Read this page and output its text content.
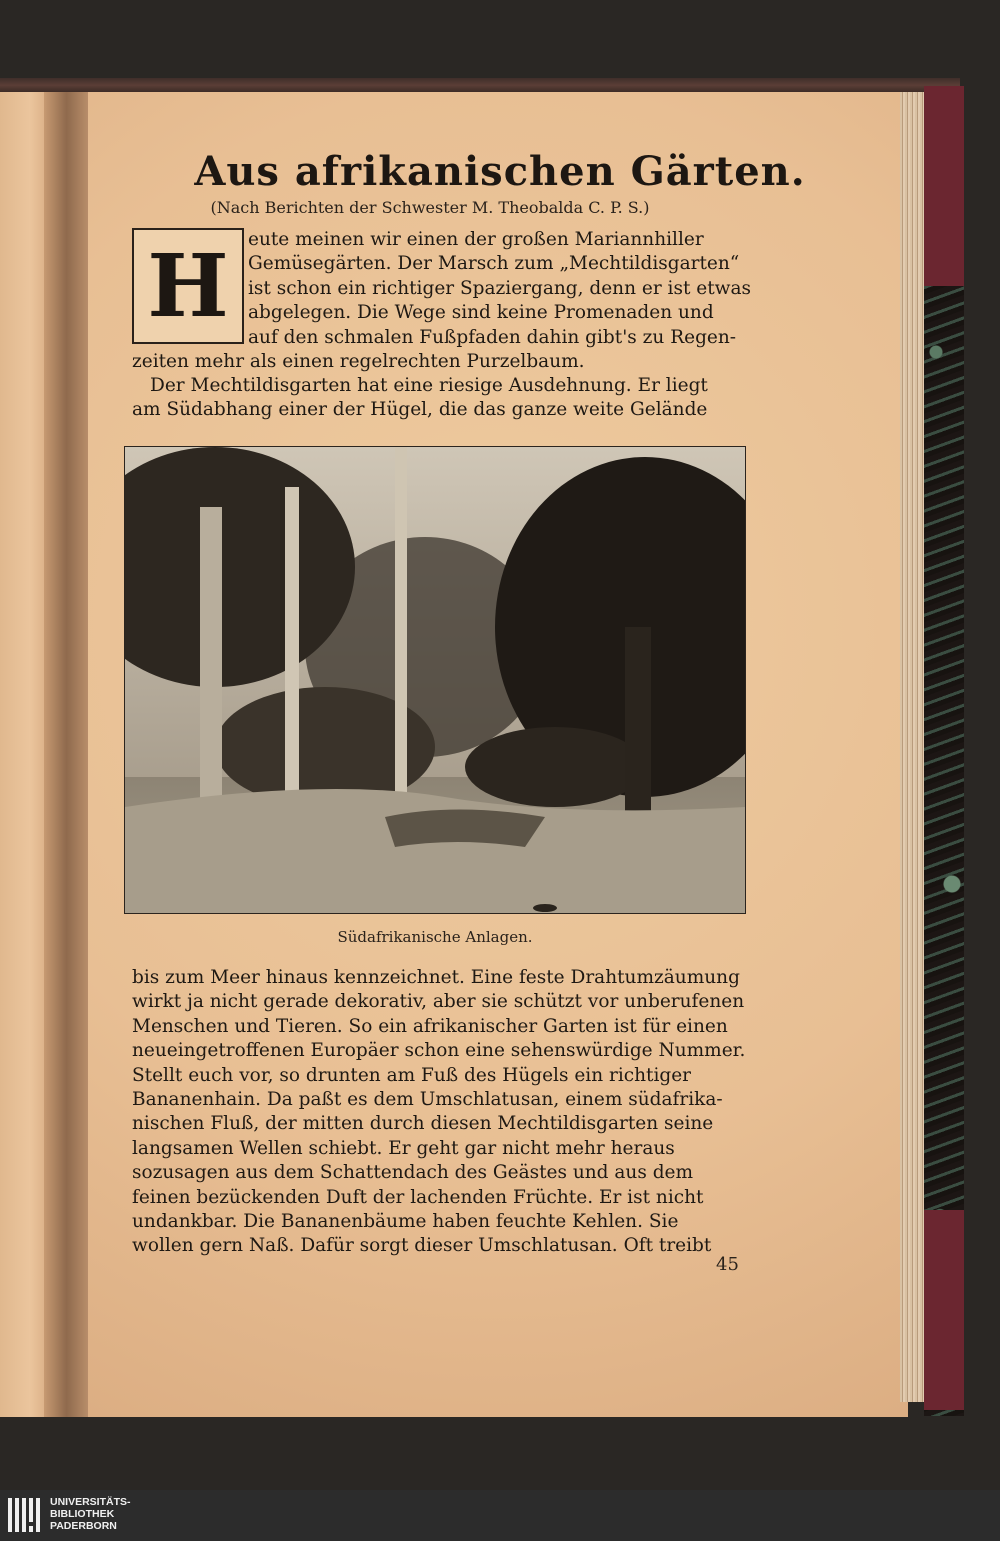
Aus afrikanischen Gärten.
(Nach Berichten der Schwester M. Theobalda C. P. S.)
H	eute meinen wir einen der großen Mariannhiller
Gemüsegärten. Der Marsch zum „Mechtildisgarten“
ist schon ein richtiger Spaziergang, denn er ist etwas
abgelegen. Die Wege sind keine Promenaden und
auf den schmalen Fußpfaden dahin gibt's zu Regen-
zeiten mehr als einen regelrechten Purzelbaum.
Der Mechtildisgarten hat eine riesige Ausdehnung. Er liegt
am Südabhang einer der Hügel, die das ganze weite Gelände
Südafrikanische Anlagen.
bis zum Meer hinaus kennzeichnet. Eine feste Drahtumzäumung
wirkt ja nicht gerade dekorativ, aber sie schützt vor unberufenen
Menschen und Tieren. So ein afrikanischer Garten ist für einen
neueingetroffenen Europäer schon eine sehenswürdige Nummer.
Stellt euch vor, so drunten am Fuß des Hügels ein richtiger
Bananenhain. Da paßt es dem Umschlatusan, einem südafrika-
nischen Fluß, der mitten durch diesen Mechtildisgarten seine
langsamen Wellen schiebt. Er geht gar nicht mehr heraus
sozusagen aus dem Schattendach des Geästes und aus dem
feinen bezückenden Duft der lachenden Früchte. Er ist nicht
undankbar. Die Bananenbäume haben feuchte Kehlen. Sie
wollen gern Naß. Dafür sorgt dieser Umschlatusan. Oft treibt
45
UNIVERSITÄTS-
BIBLIOTHEK
PADERBORN
